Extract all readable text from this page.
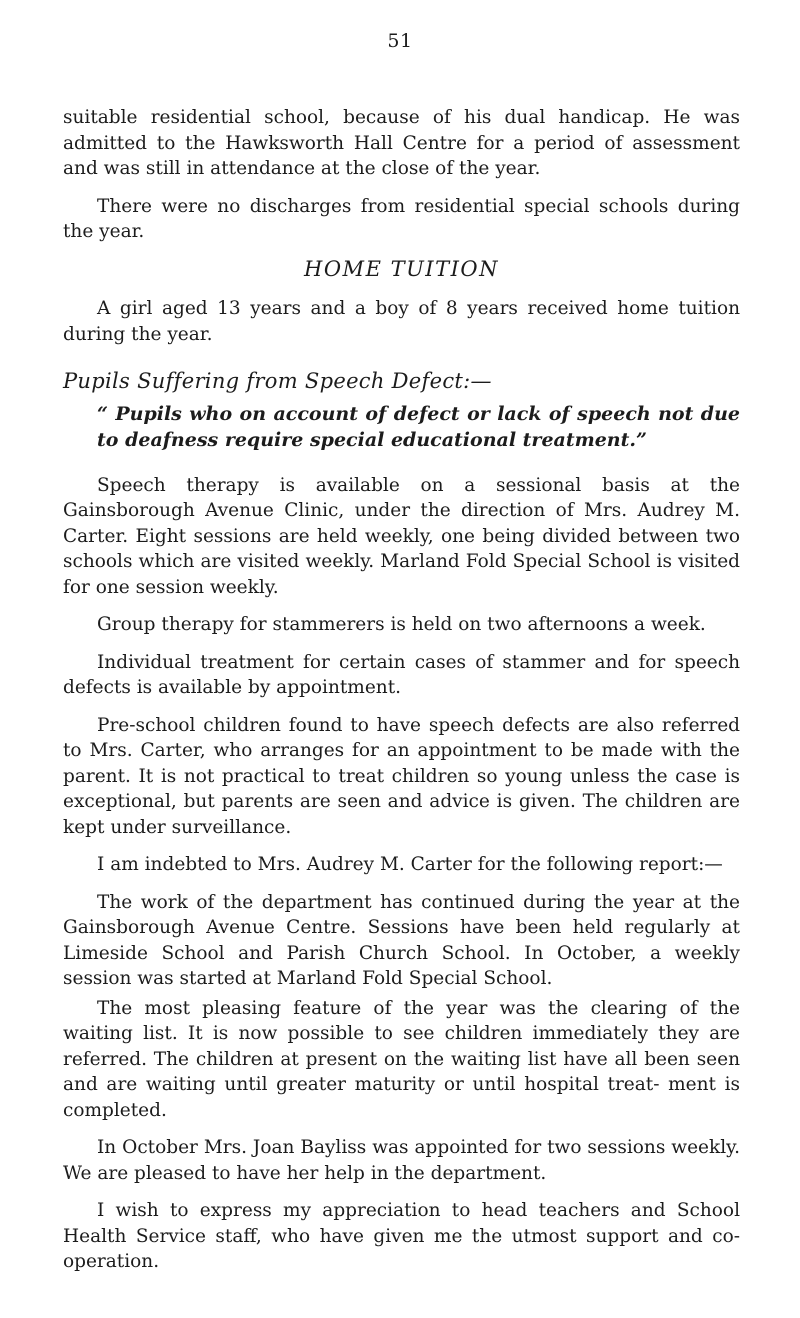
51

suitable residential school, because of his dual handicap. He was admitted to the Hawksworth Hall Centre for a period of assessment and was still in attendance at the close of the year.

There were no discharges from residential special schools during the year.

HOME TUITION

A girl aged 13 years and a boy of 8 years received home tuition during the year.

Pupils Suffering from Speech Defect:—
“ Pupils who on account of defect or lack of speech not due to deafness require special educational treatment.”

Speech therapy is available on a sessional basis at the Gainsborough Avenue Clinic, under the direction of Mrs. Audrey M. Carter. Eight sessions are held weekly, one being divided between two schools which are visited weekly. Marland Fold Special School is visited for one session weekly.

Group therapy for stammerers is held on two afternoons a week.

Individual treatment for certain cases of stammer and for speech defects is available by appointment.

Pre-school children found to have speech defects are also referred to Mrs. Carter, who arranges for an appointment to be made with the parent. It is not practical to treat children so young unless the case is exceptional, but parents are seen and advice is given. The children are kept under surveillance.

I am indebted to Mrs. Audrey M. Carter for the following report:—

The work of the department has continued during the year at the Gainsborough Avenue Centre. Sessions have been held regularly at Limeside School and Parish Church School. In October, a weekly session was started at Marland Fold Special School.

The most pleasing feature of the year was the clearing of the waiting list. It is now possible to see children immediately they are referred. The children at present on the waiting list have all been seen and are waiting until greater maturity or until hospital treat- ment is completed.

In October Mrs. Joan Bayliss was appointed for two sessions weekly. We are pleased to have her help in the department.

I wish to express my appreciation to head teachers and School Health Service staff, who have given me the utmost support and co-operation.
